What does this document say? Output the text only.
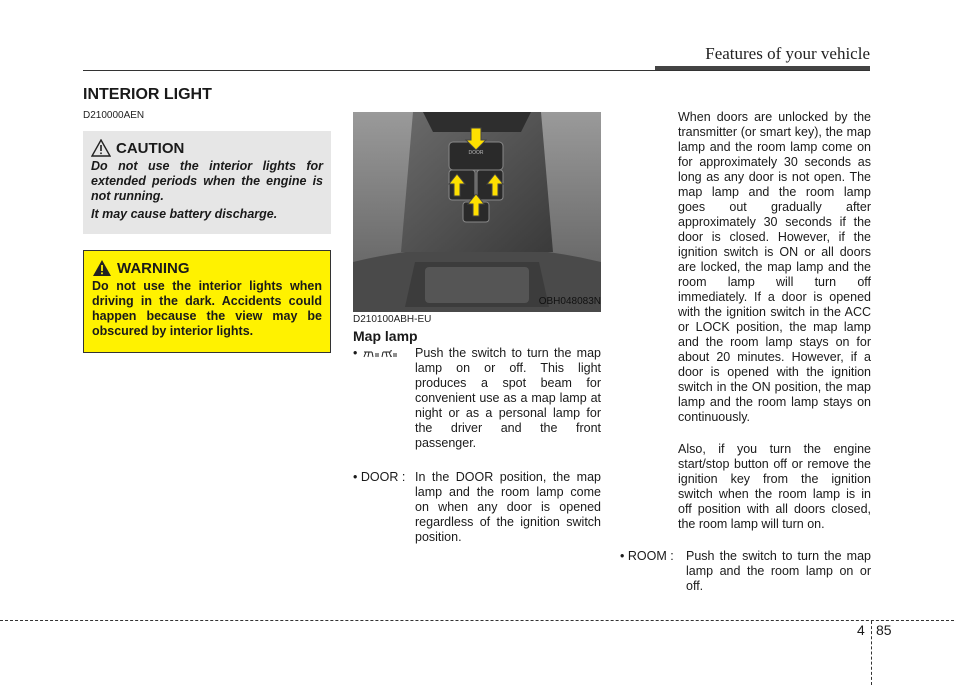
Features of your vehicle
INTERIOR LIGHT
D210000AEN
CAUTION
Do not use the interior lights for extended periods when the engine is not running.
It may cause battery discharge.
WARNING
Do not use the interior lights when driving in the dark. Accidents could happen because the view may be obscured by interior lights.
DOOR
OBH048083N
D210100ABH-EU
Map lamp
•    :	Push the switch to turn the map lamp on or off. This light produces a spot beam for convenient use as a map lamp at night or as a personal lamp for the driver and the front passenger.
• DOOR : In the DOOR position, the map lamp and the room lamp come on when any door is opened regardless of the ignition switch position.
When doors are unlocked by the transmitter (or smart key), the map lamp and the room lamp come on for approximately 30 seconds as long as any door is not open. The map lamp and the room lamp goes out gradually after approximately 30 seconds if the door is closed. However, if the ignition switch is ON or all doors are locked, the map lamp and the room lamp will turn off immediately. If a door is opened with the ignition switch in the ACC or LOCK position, the map lamp and the room lamp stays on for about 20 minutes. However, if a door is opened with the ignition switch in the ON position, the map lamp and the room lamp stays on continuously.
Also, if you turn the engine start/stop button off or remove the ignition key from the ignition switch when the room lamp is in off position with all doors closed, the room lamp will turn on.
• ROOM : Push the switch to turn the map lamp and the room lamp on or off.
4 85
